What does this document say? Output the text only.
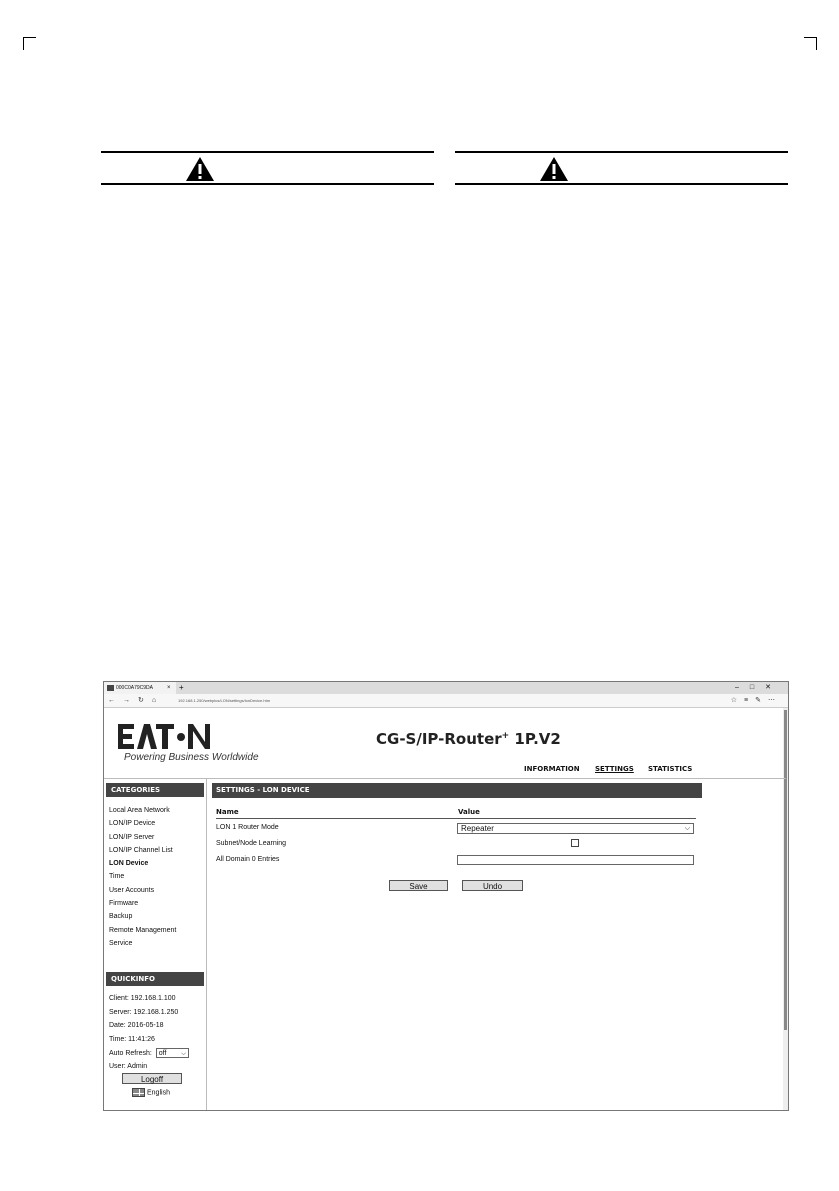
000C0A79C9DA × +	–□✕
←→↻⌂	192.168.1.250/webplus/LON/settings/lonDevice.htm	☆≡✎⋯
Powering Business Worldwide
CG-S/IP-Router+ 1P.V2
INFORMATION SETTINGS STATISTICS
CATEGORIES
Local Area Network
LON/IP Device
LON/IP Server
LON/IP Channel List
LON Device
Time
User Accounts
Firmware
Backup
Remote Management
Service
QUICKINFO
Client: 192.168.1.100
Server: 192.168.1.250
Date: 2016-05-18
Time: 11:41:26
Auto Refresh: off ⌵
User: Admin
Logoff
English
SETTINGS - LON DEVICE
Name	Value
LON 1 Router Mode	Repeater	⌵
Subnet/Node Learning
All Domain 0 Entries
Save	Undo
